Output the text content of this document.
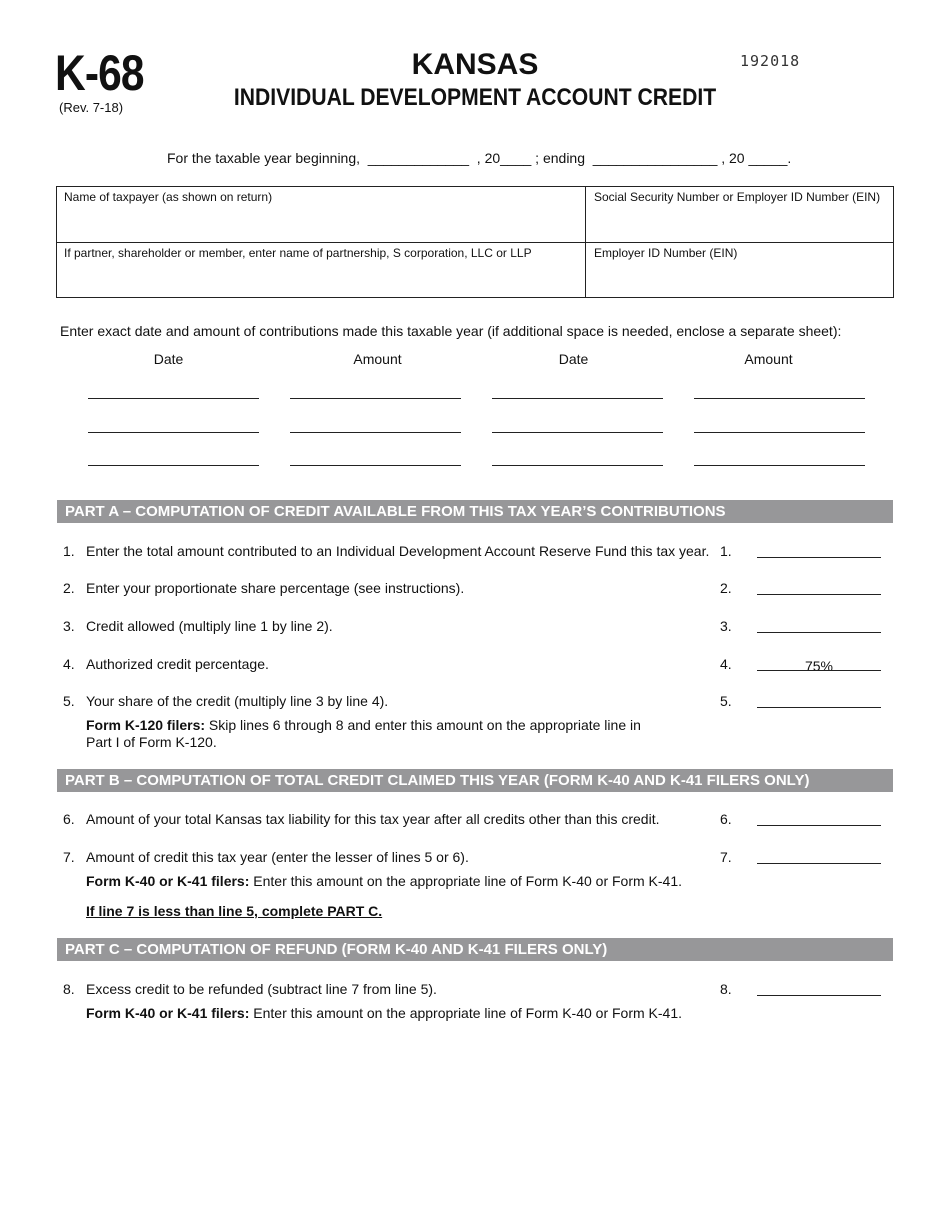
K-68
(Rev. 7-18)
KANSAS
INDIVIDUAL DEVELOPMENT ACCOUNT CREDIT
192018
For the taxable year beginning,  _____________  , 20____ ; ending  ________________ , 20 _____.
Name of taxpayer (as shown on return)	Social Security Number or Employer ID Number (EIN)
If partner, shareholder or member, enter name of partnership, S corporation, LLC or LLP	Employer ID Number (EIN)
Enter exact date and amount of contributions made this taxable year (if additional space is needed, enclose a separate sheet):
Date	Amount	Date	Amount
PART A – COMPUTATION OF CREDIT AVAILABLE FROM THIS TAX YEAR’S CONTRIBUTIONS
1. Enter the total amount contributed to an Individual Development Account Reserve Fund this tax year. 1.
2. Enter your proportionate share percentage (see instructions).	2.
3. Credit allowed (multiply line 1 by line 2).	3.
4. Authorized credit percentage.	4.	75%
5. Your share of the credit (multiply line 3 by line 4).	5.
Form K-120 filers: Skip lines 6 through 8 and enter this amount on the appropriate line in
Part I of Form K-120.
PART B – COMPUTATION OF TOTAL CREDIT CLAIMED THIS YEAR (FORM K-40 AND K-41 FILERS ONLY)
6. Amount of your total Kansas tax liability for this tax year after all credits other than this credit.	6.
7. Amount of credit this tax year (enter the lesser of lines 5 or 6).	7.
Form K-40 or K-41 filers: Enter this amount on the appropriate line of Form K-40 or Form K-41.
If line 7 is less than line 5, complete PART C.
PART C – COMPUTATION OF REFUND (FORM K-40 AND K-41 FILERS ONLY)
8. Excess credit to be refunded (subtract line 7 from line 5).	8.
Form K-40 or K-41 filers: Enter this amount on the appropriate line of Form K-40 or Form K-41.
